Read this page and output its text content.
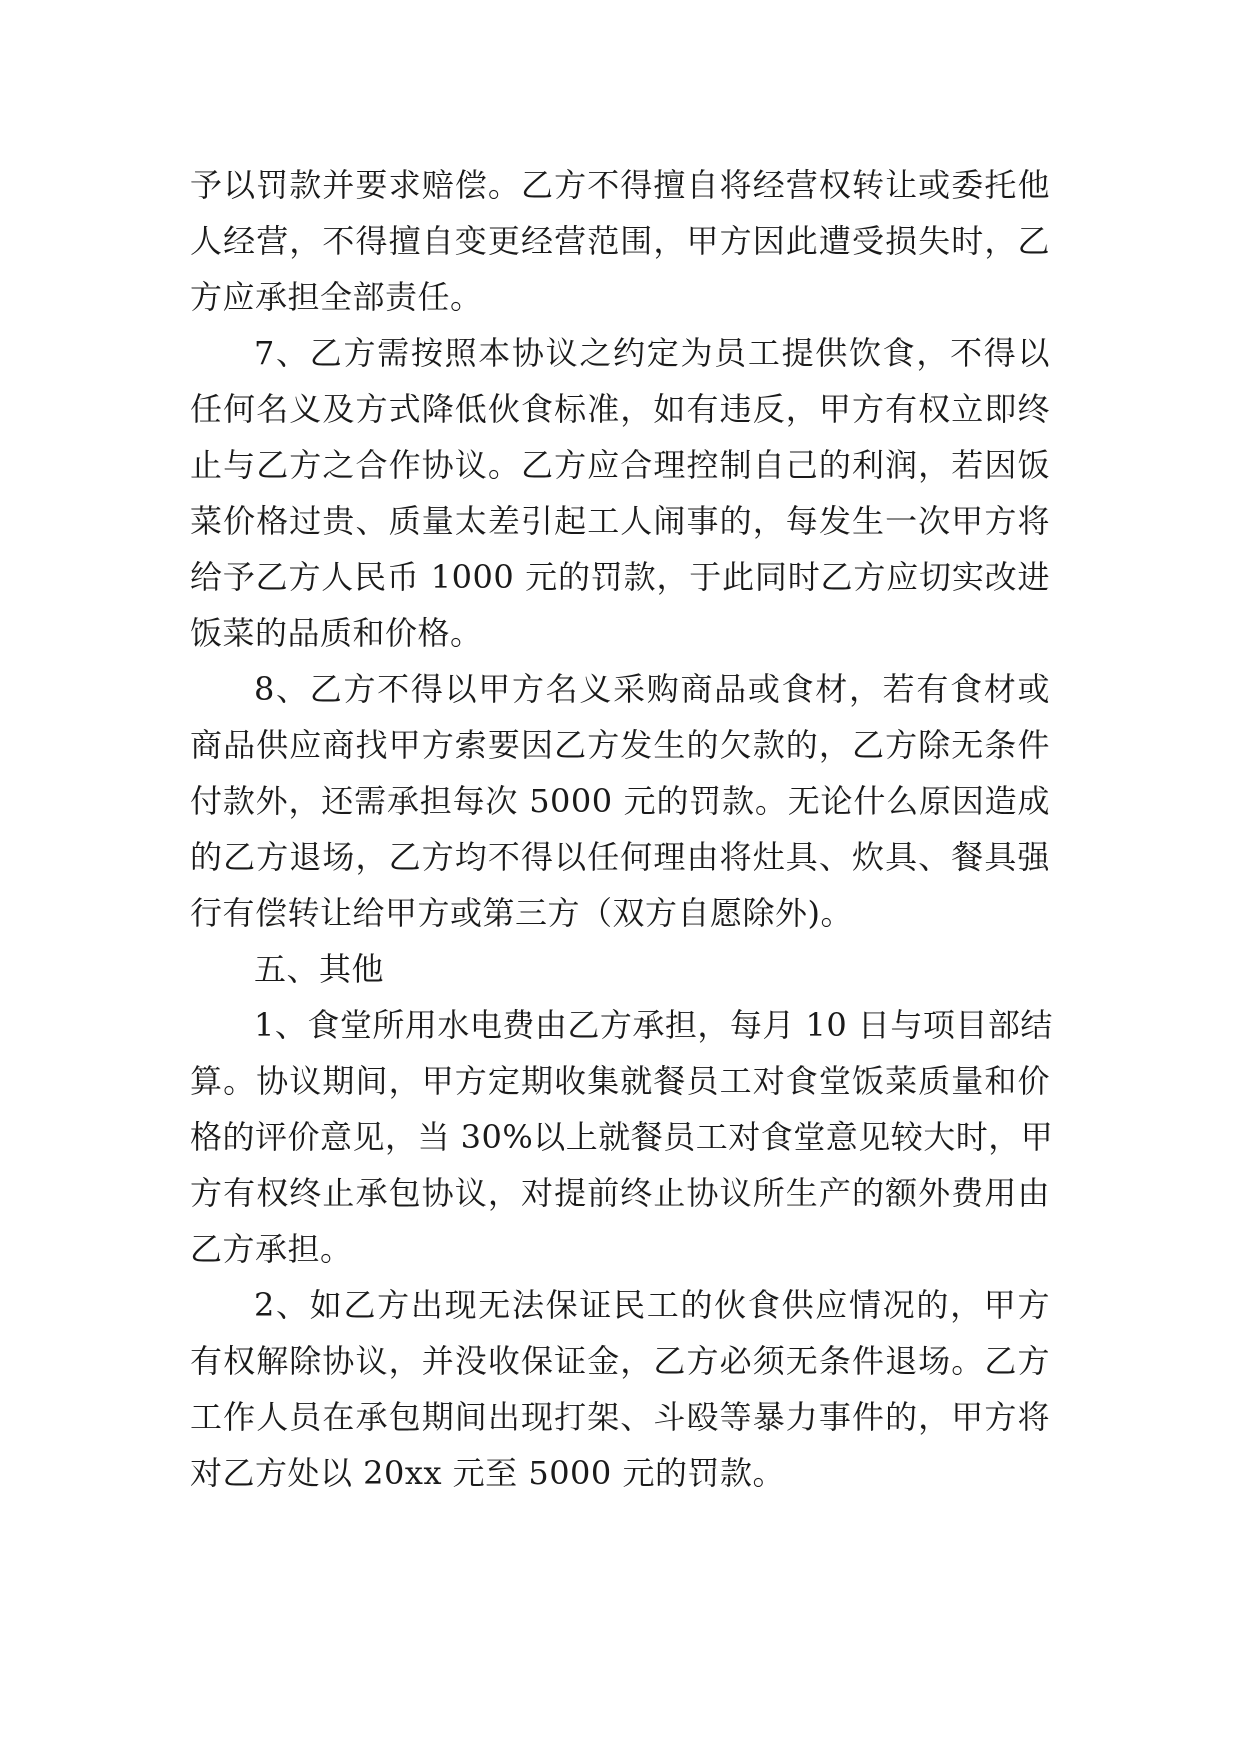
予以罚款并要求赔偿。乙方不得擅自将经营权转让或委托他
人经营，不得擅自变更经营范围，甲方因此遭受损失时，乙
方应承担全部责任。
7、乙方需按照本协议之约定为员工提供饮食，不得以
任何名义及方式降低伙食标准，如有违反，甲方有权立即终
止与乙方之合作协议。乙方应合理控制自己的利润，若因饭
菜价格过贵、质量太差引起工人闹事的，每发生一次甲方将
给予乙方人民币 1000 元的罚款，于此同时乙方应切实改进
饭菜的品质和价格。
8、乙方不得以甲方名义采购商品或食材，若有食材或
商品供应商找甲方索要因乙方发生的欠款的，乙方除无条件
付款外，还需承担每次 5000 元的罚款。无论什么原因造成
的乙方退场，乙方均不得以任何理由将灶具、炊具、餐具强
行有偿转让给甲方或第三方（双方自愿除外)。
五、其他
1、食堂所用水电费由乙方承担，每月 10 日与项目部结
算。协议期间，甲方定期收集就餐员工对食堂饭菜质量和价
格的评价意见，当 30%以上就餐员工对食堂意见较大时，甲
方有权终止承包协议，对提前终止协议所生产的额外费用由
乙方承担。
2、如乙方出现无法保证民工的伙食供应情况的，甲方
有权解除协议，并没收保证金，乙方必须无条件退场。乙方
工作人员在承包期间出现打架、斗殴等暴力事件的，甲方将
对乙方处以 20xx 元至 5000 元的罚款。
